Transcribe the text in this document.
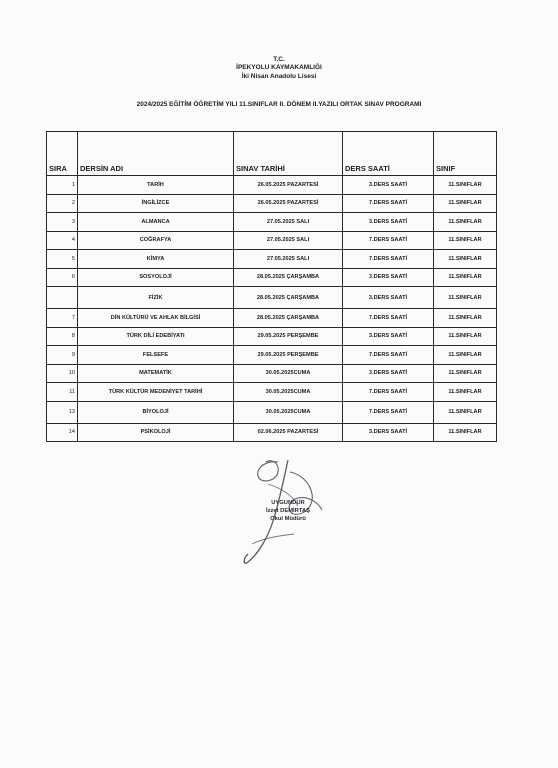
T.C.
İPEKYOLU KAYMAKAMLIĞI
İki Nisan Anadolu Lisesi
2024/2025 EĞİTİM ÖĞRETİM YILI 11.SINIFLAR II. DÖNEM II.YAZILI ORTAK SINAV PROGRAMI
SIRA	DERSİN ADI	SINAV TARİHİ	DERS SAATİ	SINIF
1	TARİH	26.05.2025 PAZARTESİ	3.DERS SAATİ	11.SINIFLAR
2	İNGİLİZCE	26.05.2025 PAZARTESİ	7.DERS SAATİ	11.SINIFLAR
3	ALMANCA	27.05.2025 SALI	3.DERS SAATİ	11.SINIFLAR
4	COĞRAFYA	27.05.2025 SALI	7.DERS SAATİ	11.SINIFLAR
5	KİMYA	27.05.2025 SALI	7.DERS SAATİ	11.SINIFLAR
6	SOSYOLOJİ	28.05.2025 ÇARŞAMBA	3.DERS SAATİ	11.SINIFLAR
	FİZİK	28.05.2025 ÇARŞAMBA	3.DERS SAATİ	11.SINIFLAR
7	DİN KÜLTÜRÜ VE AHLAK BİLGİSİ	28.05.2025 ÇARŞAMBA	7.DERS SAATİ	11.SINIFLAR
8	TÜRK DİLİ EDEBİYATI	29.05.2025 PERŞEMBE	3.DERS SAATİ	11.SINIFLAR
9	FELSEFE	29.05.2025 PERŞEMBE	7.DERS SAATİ	11.SINIFLAR
10	MATEMATİK	30.05.2025CUMA	3.DERS SAATİ	11.SINIFLAR
11	TÜRK KÜLTÜR MEDENİYET TARİHİ	30.05.2025CUMA	7.DERS SAATİ	11.SINIFLAR
13	BİYOLOJİ	30.05.2025CUMA	7.DERS SAATİ	11.SINIFLAR
14	PSİKOLOJİ	02.06.2025 PAZARTESİ	3.DERS SAATİ	11.SINIFLAR
UYGUNDUR
İzzet DEMİRTAŞ
Okul Müdürü
